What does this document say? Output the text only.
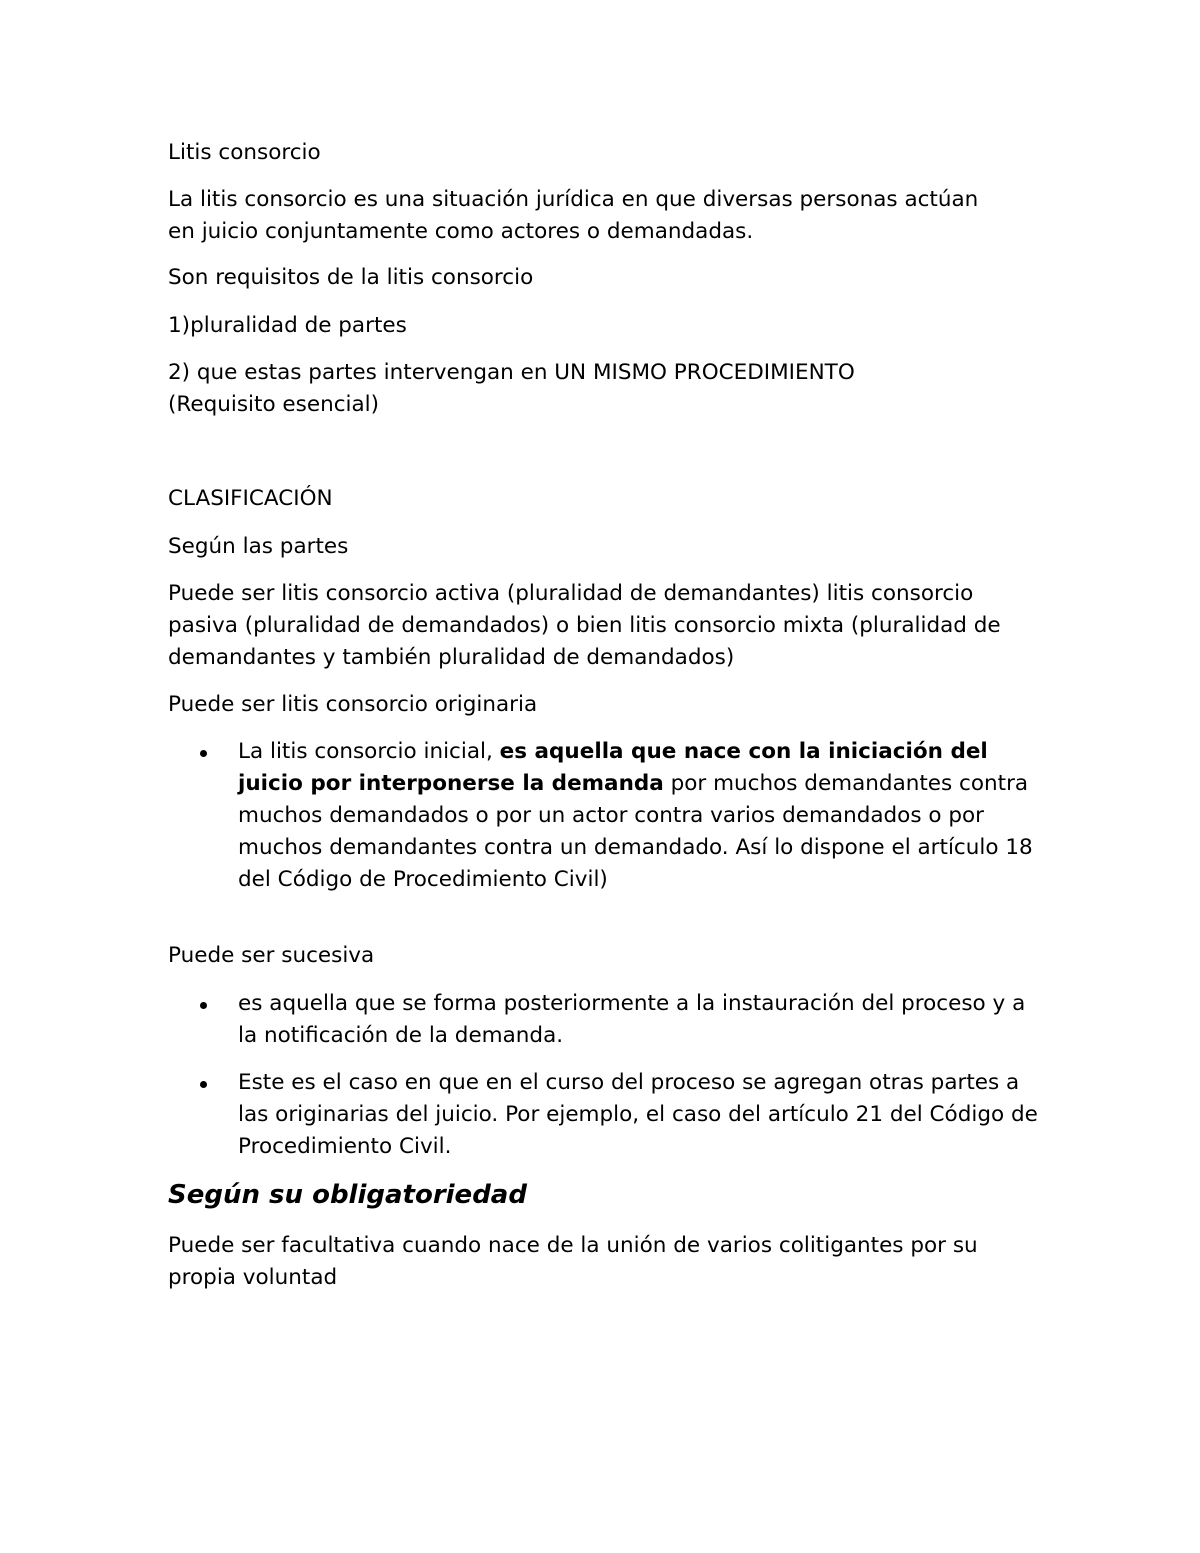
Litis consorcio

La litis consorcio es una situación jurídica en que diversas personas actúan en juicio conjuntamente como actores o demandadas.

Son requisitos de la litis consorcio

1)pluralidad de partes

2) que estas partes intervengan en UN MISMO PROCEDIMIENTO (Requisito esencial)

CLASIFICACIÓN

Según las partes

Puede ser litis consorcio activa (pluralidad de demandantes) litis consorcio pasiva (pluralidad de demandados) o bien litis consorcio mixta (pluralidad de demandantes y también pluralidad de demandados)

Puede ser litis consorcio originaria

La litis consorcio inicial, es aquella que nace con la iniciación del juicio por interponerse la demanda por muchos demandantes contra muchos demandados o por un actor contra varios demandados o por muchos demandantes contra un demandado. Así lo dispone el artículo 18 del Código de Procedimiento Civil)

Puede ser sucesiva

es aquella que se forma posteriormente a la instauración del proceso y a la notificación de la demanda.
Este es el caso en que en el curso del proceso se agregan otras partes a las originarias del juicio. Por ejemplo, el caso del artículo 21 del Código de Procedimiento Civil.
Según su obligatoriedad

Puede ser facultativa cuando nace de la unión de varios colitigantes por su propia voluntad
